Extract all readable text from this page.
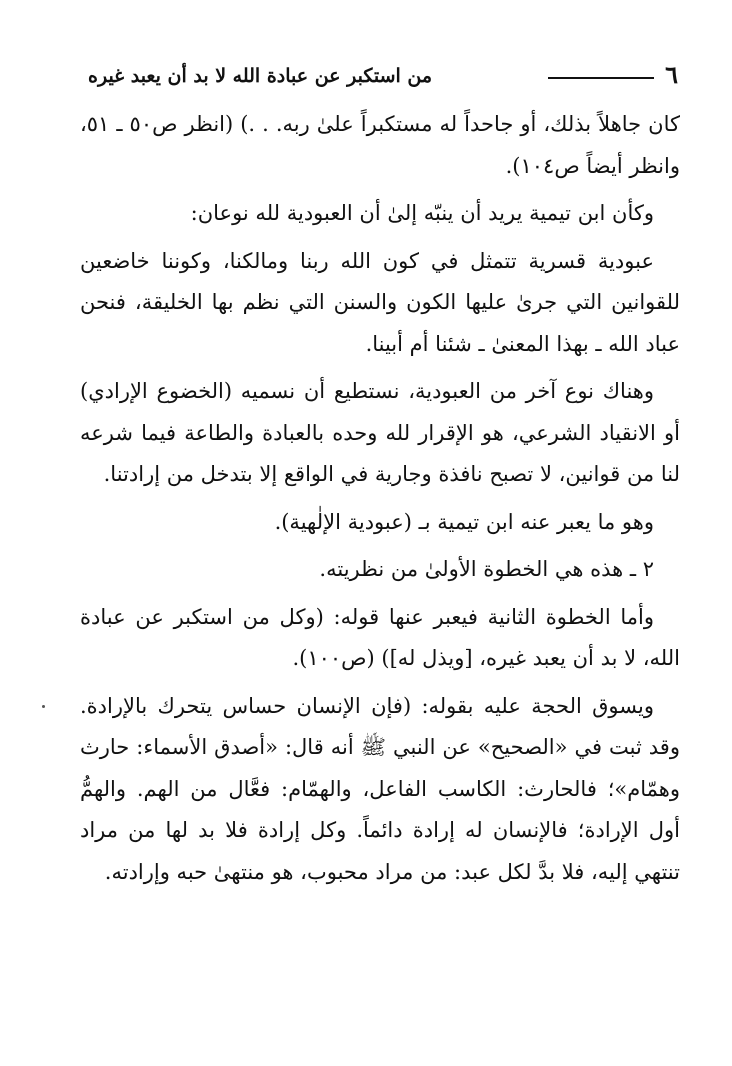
٦
من استكبر عن عبادة الله لا بد أن يعبد غيره

كان جاهلاً بذلك، أو جاحداً له مستكبراً علىٰ ربه. . .) (انظر ص٥٠ ـ ٥١، وانظر أيضاً ص١٠٤).

وكأن ابن تيمية يريد أن ينبّه إلىٰ أن العبودية لله نوعان:

عبودية قسرية تتمثل في كون الله ربنا ومالكنا، وكوننا خاضعين للقوانين التي جرىٰ عليها الكون والسنن التي نظم بها الخليقة، فنحن عباد الله ـ بهذا المعنىٰ ـ شئنا أم أبينا.

وهناك نوع آخر من العبودية، نستطيع أن نسميه (الخضوع الإرادي) أو الانقياد الشرعي، هو الإقرار لله وحده بالعبادة والطاعة فيما شرعه لنا من قوانين، لا تصبح نافذة وجارية في الواقع إلا بتدخل من إرادتنا.

وهو ما يعبر عنه ابن تيمية بـ (عبودية الإلٰهية).

٢ ـ هذه هي الخطوة الأولىٰ من نظريته.

وأما الخطوة الثانية فيعبر عنها قوله: (وكل من استكبر عن عبادة الله، لا بد أن يعبد غيره، [ويذل له]) (ص١٠٠).

ويسوق الحجة عليه بقوله: (فإن الإنسان حساس يتحرك بالإرادة. وقد ثبت في «الصحيح» عن النبي ﷺ أنه قال: «أصدق الأسماء: حارث وهمّام»؛ فالحارث: الكاسب الفاعل، والهمّام: فعَّال من الهم. والهمُّ أول الإرادة؛ فالإنسان له إرادة دائماً. وكل إرادة فلا بد لها من مراد تنتهي إليه، فلا بدَّ لكل عبد: من مراد محبوب، هو منتهىٰ حبه وإرادته.
